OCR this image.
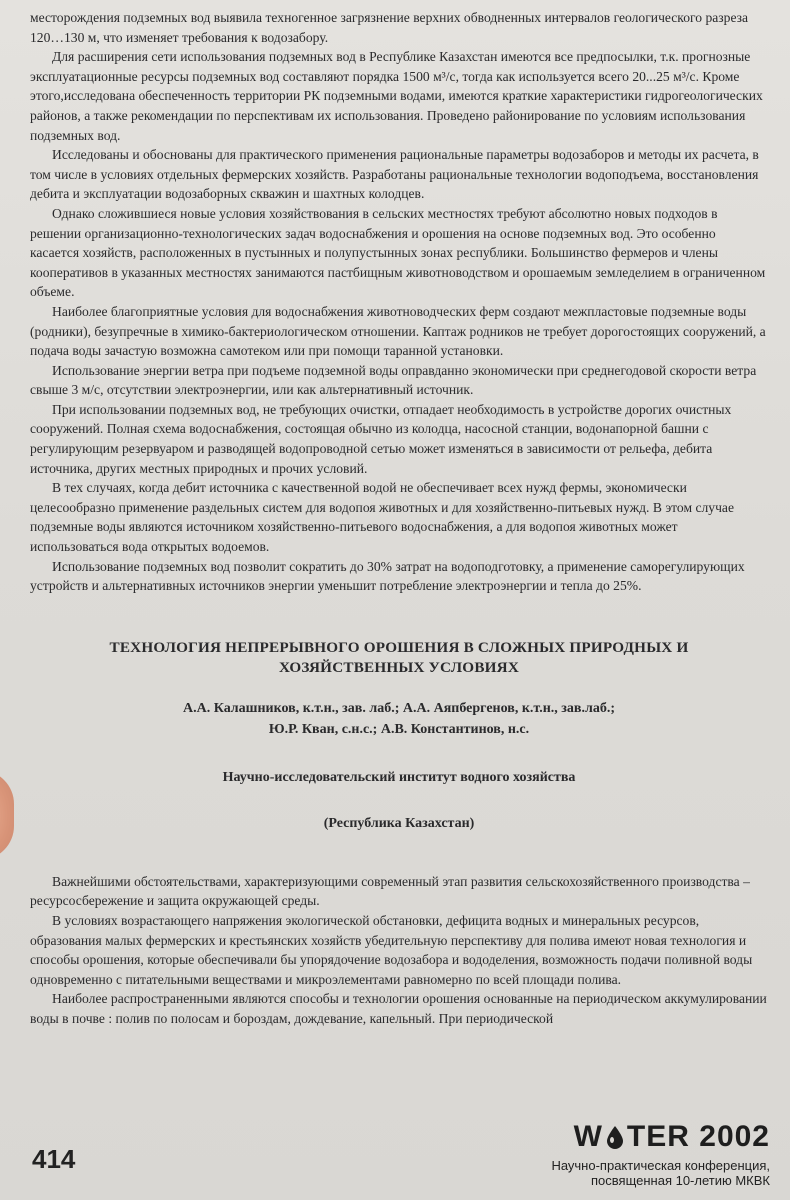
месторождения подземных вод выявила техногенное загрязнение верхних обводненных интервалов геологического разреза 120…130 м, что изменяет требования к водозабору.

Для расширения сети использования подземных вод в Республике Казахстан имеются все предпосылки, т.к. прогнозные эксплуатационные ресурсы подземных вод составляют порядка 1500 м³/с, тогда как используется всего 20...25 м³/с. Кроме этого,исследована обеспеченность территории РК подземными водами, имеются краткие характеристики гидрогеологических районов, а также рекомендации по перспективам их использования. Проведено районирование по условиям использования подземных вод.

Исследованы и обоснованы для практического применения рациональные параметры водозаборов и методы их расчета, в том числе в условиях отдельных фермерских хозяйств. Разработаны рациональные технологии водоподъема, восстановления дебита и эксплуатации водозаборных скважин и шахтных колодцев.

Однако сложившиеся новые условия хозяйствования в сельских местностях требуют абсолютно новых подходов в решении организационно-технологических задач водоснабжения и орошения на основе подземных вод. Это особенно касается хозяйств, расположенных в пустынных и полупустынных зонах республики. Большинство фермеров и члены кооперативов в указанных местностях занимаются пастбищным животноводством и орошаемым земледелием в ограниченном объеме.

Наиболее благоприятные условия для водоснабжения животноводческих ферм создают межпластовые подземные воды (родники), безупречные в химико-бактериологическом отношении. Каптаж родников не требует дорогостоящих сооружений, а подача воды зачастую возможна самотеком или при помощи таранной установки.

Использование энергии ветра при подъеме подземной воды оправданно экономически при среднегодовой скорости ветра свыше 3 м/с, отсутствии электроэнергии, или как альтернативный источник.

При использовании подземных вод, не требующих очистки, отпадает необходимость в устройстве дорогих очистных сооружений. Полная схема водоснабжения, состоящая обычно из колодца, насосной станции, водонапорной башни с регулирующим резервуаром и разводящей водопроводной сетью может изменяться в зависимости от рельефа, дебита источника, других местных природных и прочих условий.

В тех случаях, когда дебит источника с качественной водой не обеспечивает всех нужд фермы, экономически целесообразно применение раздельных систем для водопоя животных и для хозяйственно-питьевых нужд. В этом случае подземные воды являются источником хозяйственно-питьевого водоснабжения, а для водопоя животных может использоваться вода открытых водоемов.

Использование подземных вод позволит сократить до 30% затрат на водоподготовку, а применение саморегулирующих устройств и альтернативных источников энергии уменьшит потребление электроэнергии и тепла до 25%.

ТЕХНОЛОГИЯ НЕПРЕРЫВНОГО ОРОШЕНИЯ В СЛОЖНЫХ ПРИРОДНЫХ И ХОЗЯЙСТВЕННЫХ УСЛОВИЯХ
А.А. Калашников, к.т.н., зав. лаб.; А.А. Аяпбергенов, к.т.н., зав.лаб.;
Ю.Р. Кван, с.н.с.; А.В. Константинов, н.с.
Научно-исследовательский институт водного хозяйства
(Республика Казахстан)

Важнейшими обстоятельствами, характеризующими современный этап развития сельскохозяйственного производства – ресурсосбережение и защита окружающей среды.

В условиях возрастающего напряжения экологической обстановки, дефицита водных и минеральных ресурсов, образования малых фермерских и крестьянских хозяйств убедительную перспективу для полива имеют новая технология и способы орошения, которые обеспечивали бы упорядочение водозабора и вододеления, возможность подачи поливной воды одновременно с питательными веществами и микроэлементами равномерно по всей площади полива.

Наиболее распространенными являются способы и технологии орошения основанные на периодическом аккумулировании воды в почве : полив по полосам и бороздам, дождевание, капельный. При периодической

414
W TER 2002
Научно-практическая конференция,
посвященная 10-летию МКВК
